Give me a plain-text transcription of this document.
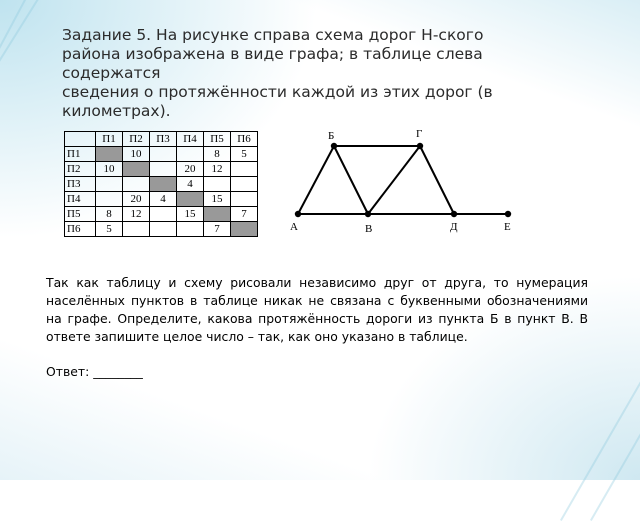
Задание 5. На рисунке справа схема дорог Н-ского
района изображена в виде графа; в таблице слева
содержатся
сведения о протяжённости каждой из этих дорог (в
километрах).
	П1	П2	П3	П4	П5	П6
П1		10			8	5
П2	10			20	12	
П3				4		
П4		20	4		15	
П5	8	12		15		7
П6	5				7		А
Б
В
Г
Д	Е
Так как таблицу и схему рисовали независимо друг от друга, то нумерация населённых пунктов в таблице никак не связана с буквенными обозначениями на графе. Определите, какова протяжённость дороги из пункта Б в пункт В. В ответе запишите целое число – так, как оно указано в таблице.
Ответ: ________
